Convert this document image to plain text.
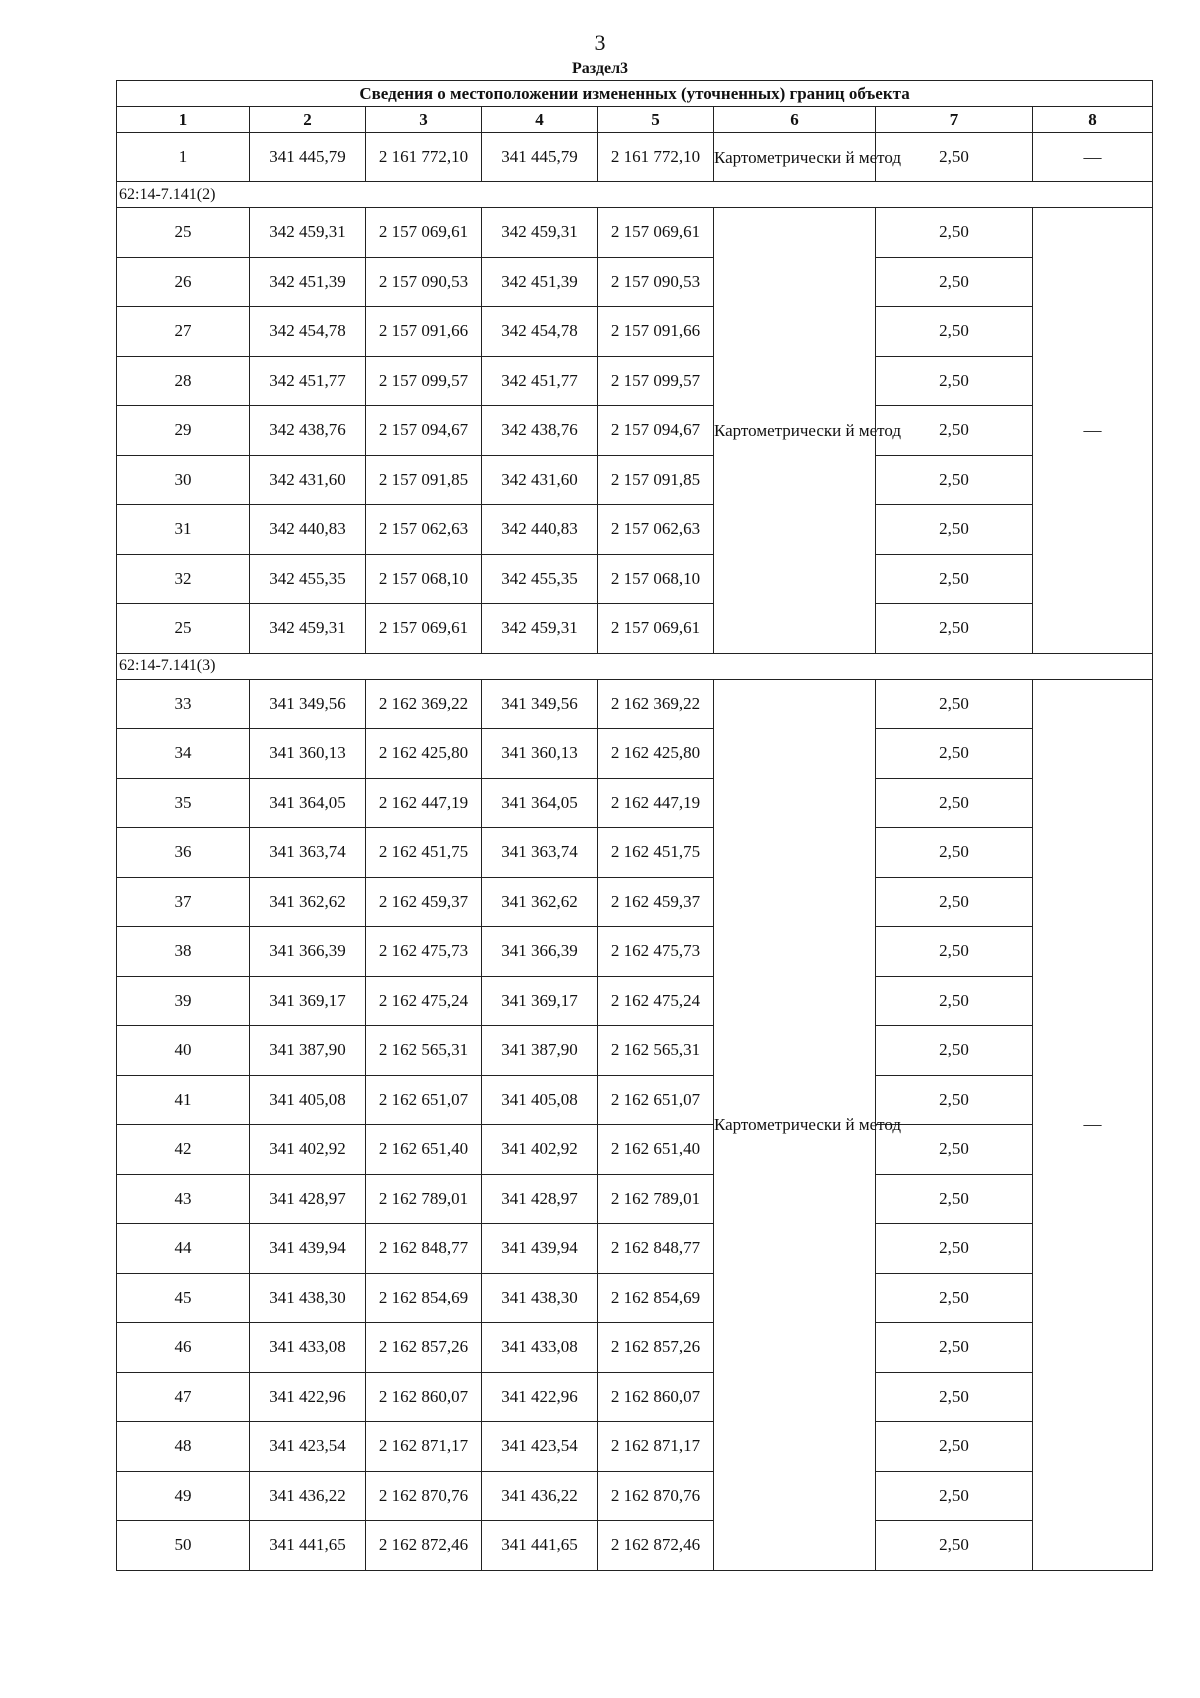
3
Раздел3
Сведения о местоположении измененных (уточненных) границ объекта							
1	2	3	4	5	6	7	8
1	341 445,79	2 161 772,10	341 445,79	2 161 772,10	Картометрически й метод	2,50	—
62:14-7.141(2)							
25	342 459,31	2 157 069,61	342 459,31	2 157 069,61	Картометрически й метод	2,50	—
26	342 451,39	2 157 090,53	342 451,39	2 157 090,53		2,50	
27	342 454,78	2 157 091,66	342 454,78	2 157 091,66		2,50	
28	342 451,77	2 157 099,57	342 451,77	2 157 099,57		2,50	
29	342 438,76	2 157 094,67	342 438,76	2 157 094,67		2,50	
30	342 431,60	2 157 091,85	342 431,60	2 157 091,85		2,50	
31	342 440,83	2 157 062,63	342 440,83	2 157 062,63		2,50	
32	342 455,35	2 157 068,10	342 455,35	2 157 068,10		2,50	
25	342 459,31	2 157 069,61	342 459,31	2 157 069,61		2,50	
62:14-7.141(3)							
33	341 349,56	2 162 369,22	341 349,56	2 162 369,22	Картометрически й метод	2,50	—
34	341 360,13	2 162 425,80	341 360,13	2 162 425,80		2,50	
35	341 364,05	2 162 447,19	341 364,05	2 162 447,19		2,50	
36	341 363,74	2 162 451,75	341 363,74	2 162 451,75		2,50	
37	341 362,62	2 162 459,37	341 362,62	2 162 459,37		2,50	
38	341 366,39	2 162 475,73	341 366,39	2 162 475,73		2,50	
39	341 369,17	2 162 475,24	341 369,17	2 162 475,24		2,50	
40	341 387,90	2 162 565,31	341 387,90	2 162 565,31		2,50	
41	341 405,08	2 162 651,07	341 405,08	2 162 651,07		2,50	
42	341 402,92	2 162 651,40	341 402,92	2 162 651,40		2,50	
43	341 428,97	2 162 789,01	341 428,97	2 162 789,01		2,50	
44	341 439,94	2 162 848,77	341 439,94	2 162 848,77		2,50	
45	341 438,30	2 162 854,69	341 438,30	2 162 854,69		2,50	
46	341 433,08	2 162 857,26	341 433,08	2 162 857,26		2,50	
47	341 422,96	2 162 860,07	341 422,96	2 162 860,07		2,50	
48	341 423,54	2 162 871,17	341 423,54	2 162 871,17		2,50	
49	341 436,22	2 162 870,76	341 436,22	2 162 870,76		2,50	
50	341 441,65	2 162 872,46	341 441,65	2 162 872,46		2,50	
